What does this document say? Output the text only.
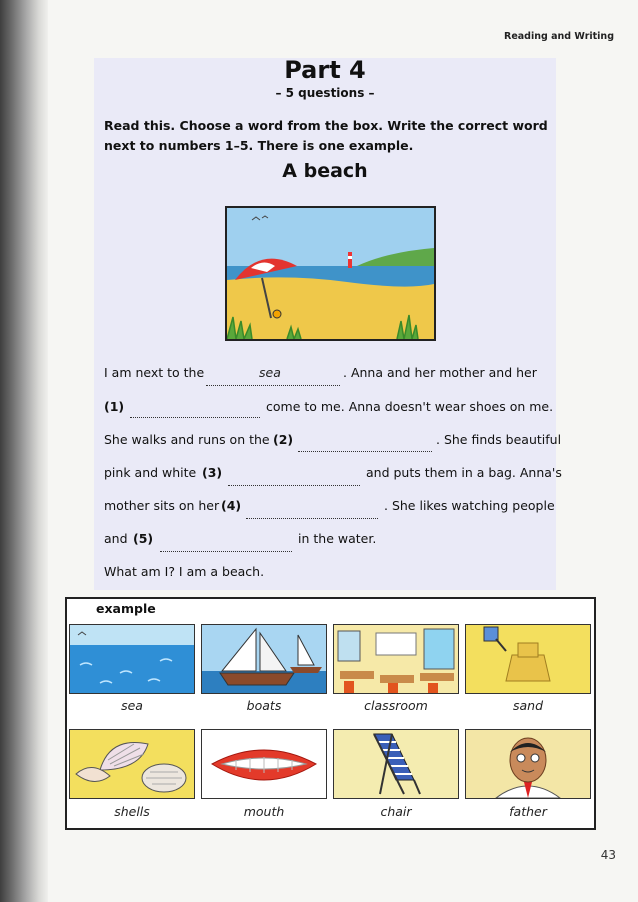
Reading and Writing
Part 4
– 5 questions –
Read this. Choose a word from the box. Write the correct word next to numbers 1–5. There is one example.
A beach
I am next to the	sea	. Anna and her mother and her
(1)	come to me. Anna doesn't wear shoes on me.
She walks and runs on the (2)	. She finds beautiful
pink and white (3)	and puts them in a bag. Anna's
mother sits on her (4)	. She likes watching people
and (5)	in the water.
What am I? I am a beach.
example
sea	boats	classroom	sand
shells	mouth	chair	father
43
